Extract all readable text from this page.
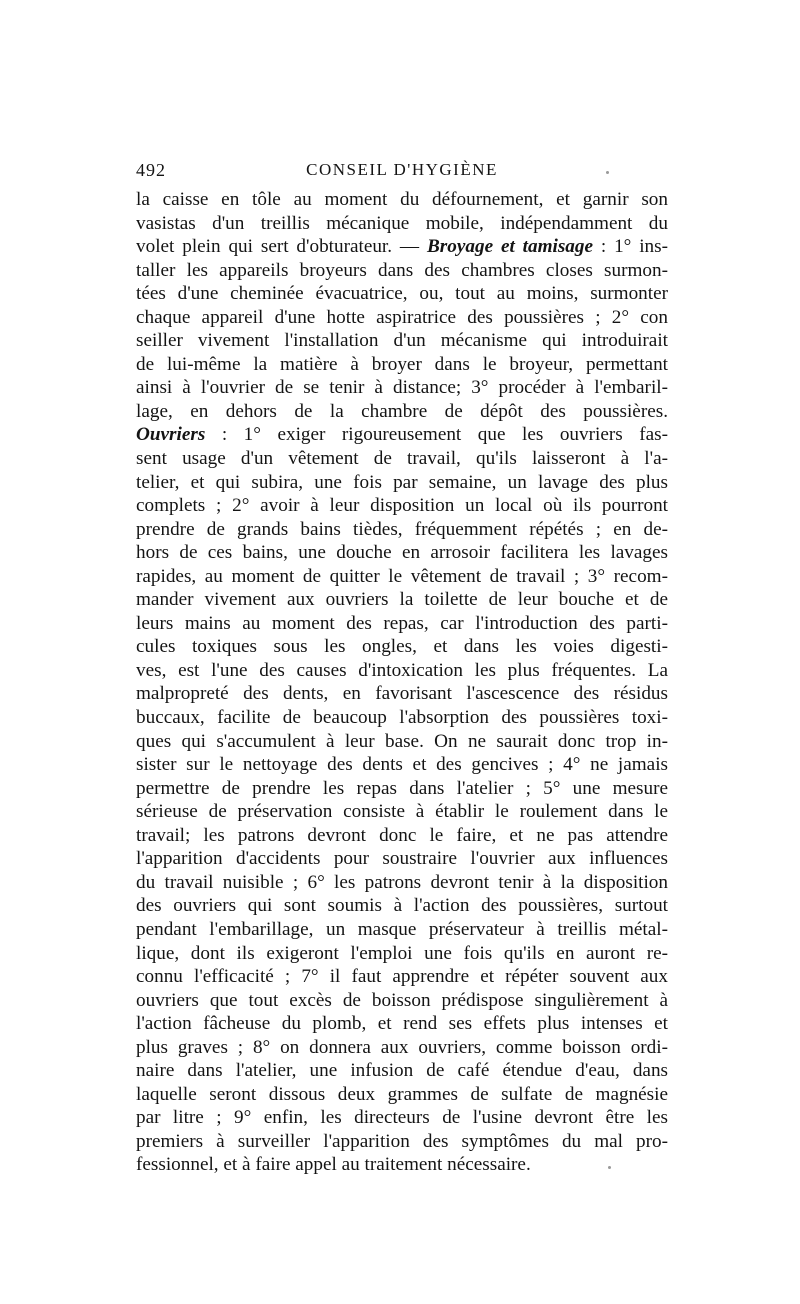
492	CONSEIL D'HYGIÈNE
la caisse en tôle au moment du défournement, et garnir son
vasistas d'un treillis mécanique mobile, indépendamment du
volet plein qui sert d'obturateur. — Broyage et tamisage : 1° ins-
taller les appareils broyeurs dans des chambres closes surmon-
tées d'une cheminée évacuatrice, ou, tout au moins, surmonter
chaque appareil d'une hotte aspiratrice des poussières ; 2° con
seiller vivement l'installation d'un mécanisme qui introduirait
de lui-même la matière à broyer dans le broyeur, permettant
ainsi à l'ouvrier de se tenir à distance; 3° procéder à l'embaril-
lage, en dehors de la chambre de dépôt des poussières.
Ouvriers : 1° exiger rigoureusement que les ouvriers fas-
sent usage d'un vêtement de travail, qu'ils laisseront à l'a-
telier, et qui subira, une fois par semaine, un lavage des plus
complets ; 2° avoir à leur disposition un local où ils pourront
prendre de grands bains tièdes, fréquemment répétés ; en de-
hors de ces bains, une douche en arrosoir facilitera les lavages
rapides, au moment de quitter le vêtement de travail ; 3° recom-
mander vivement aux ouvriers la toilette de leur bouche et de
leurs mains au moment des repas, car l'introduction des parti-
cules toxiques sous les ongles, et dans les voies digesti-
ves, est l'une des causes d'intoxication les plus fréquentes. La
malpropreté des dents, en favorisant l'ascescence des résidus
buccaux, facilite de beaucoup l'absorption des poussières toxi-
ques qui s'accumulent à leur base. On ne saurait donc trop in-
sister sur le nettoyage des dents et des gencives ; 4° ne jamais
permettre de prendre les repas dans l'atelier ; 5° une mesure
sérieuse de préservation consiste à établir le roulement dans le
travail; les patrons devront donc le faire, et ne pas attendre
l'apparition d'accidents pour soustraire l'ouvrier aux influences
du travail nuisible ; 6° les patrons devront tenir à la disposition
des ouvriers qui sont soumis à l'action des poussières, surtout
pendant l'embarillage, un masque préservateur à treillis métal-
lique, dont ils exigeront l'emploi une fois qu'ils en auront re-
connu l'efficacité ; 7° il faut apprendre et répéter souvent aux
ouvriers que tout excès de boisson prédispose singulièrement à
l'action fâcheuse du plomb, et rend ses effets plus intenses et
plus graves ; 8° on donnera aux ouvriers, comme boisson ordi-
naire dans l'atelier, une infusion de café étendue d'eau, dans
laquelle seront dissous deux grammes de sulfate de magnésie
par litre ; 9° enfin, les directeurs de l'usine devront être les
premiers à surveiller l'apparition des symptômes du mal pro-
fessionnel, et à faire appel au traitement nécessaire.
